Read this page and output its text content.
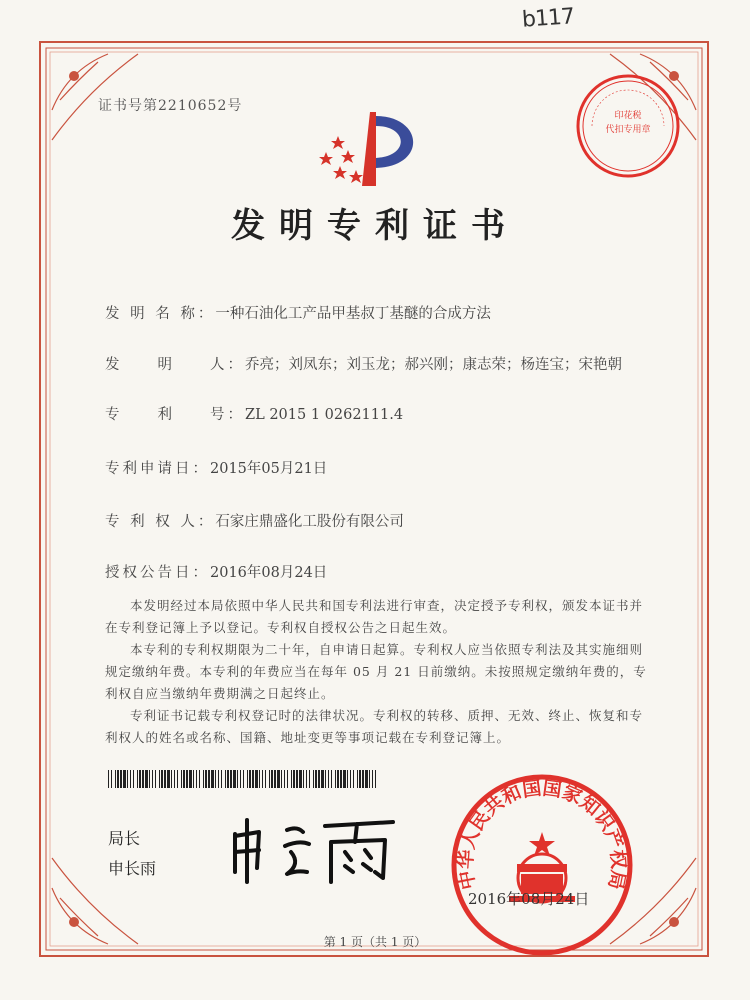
b117
证书号第2210652号
印花税
代扣专用章
发明专利证书
发 明 名 称：一种石油化工产品甲基叔丁基醚的合成方法
发　　明　　人：乔亮；刘凤东；刘玉龙；郝兴刚；康志荣；杨连宝；宋艳朝
专　　利　　号：ZL 2015 1 0262111.4
专利申请日：2015年05月21日
专 利 权 人：石家庄鼎盛化工股份有限公司
授权公告日：2016年08月24日

本发明经过本局依照中华人民共和国专利法进行审查，决定授予专利权，颁发本证书并在专利登记簿上予以登记。专利权自授权公告之日起生效。

本专利的专利权期限为二十年，自申请日起算。专利权人应当依照专利法及其实施细则规定缴纳年费。本专利的年费应当在每年 05 月 21 日前缴纳。未按照规定缴纳年费的，专利权自应当缴纳年费期满之日起终止。

专利证书记载专利权登记时的法律状况。专利权的转移、质押、无效、终止、恢复和专利权人的姓名或名称、国籍、地址变更等事项记载在专利登记簿上。

局长
申长雨	中华人民共和国国家知识产权局
2016年08月24日
第 1 页（共 1 页）
